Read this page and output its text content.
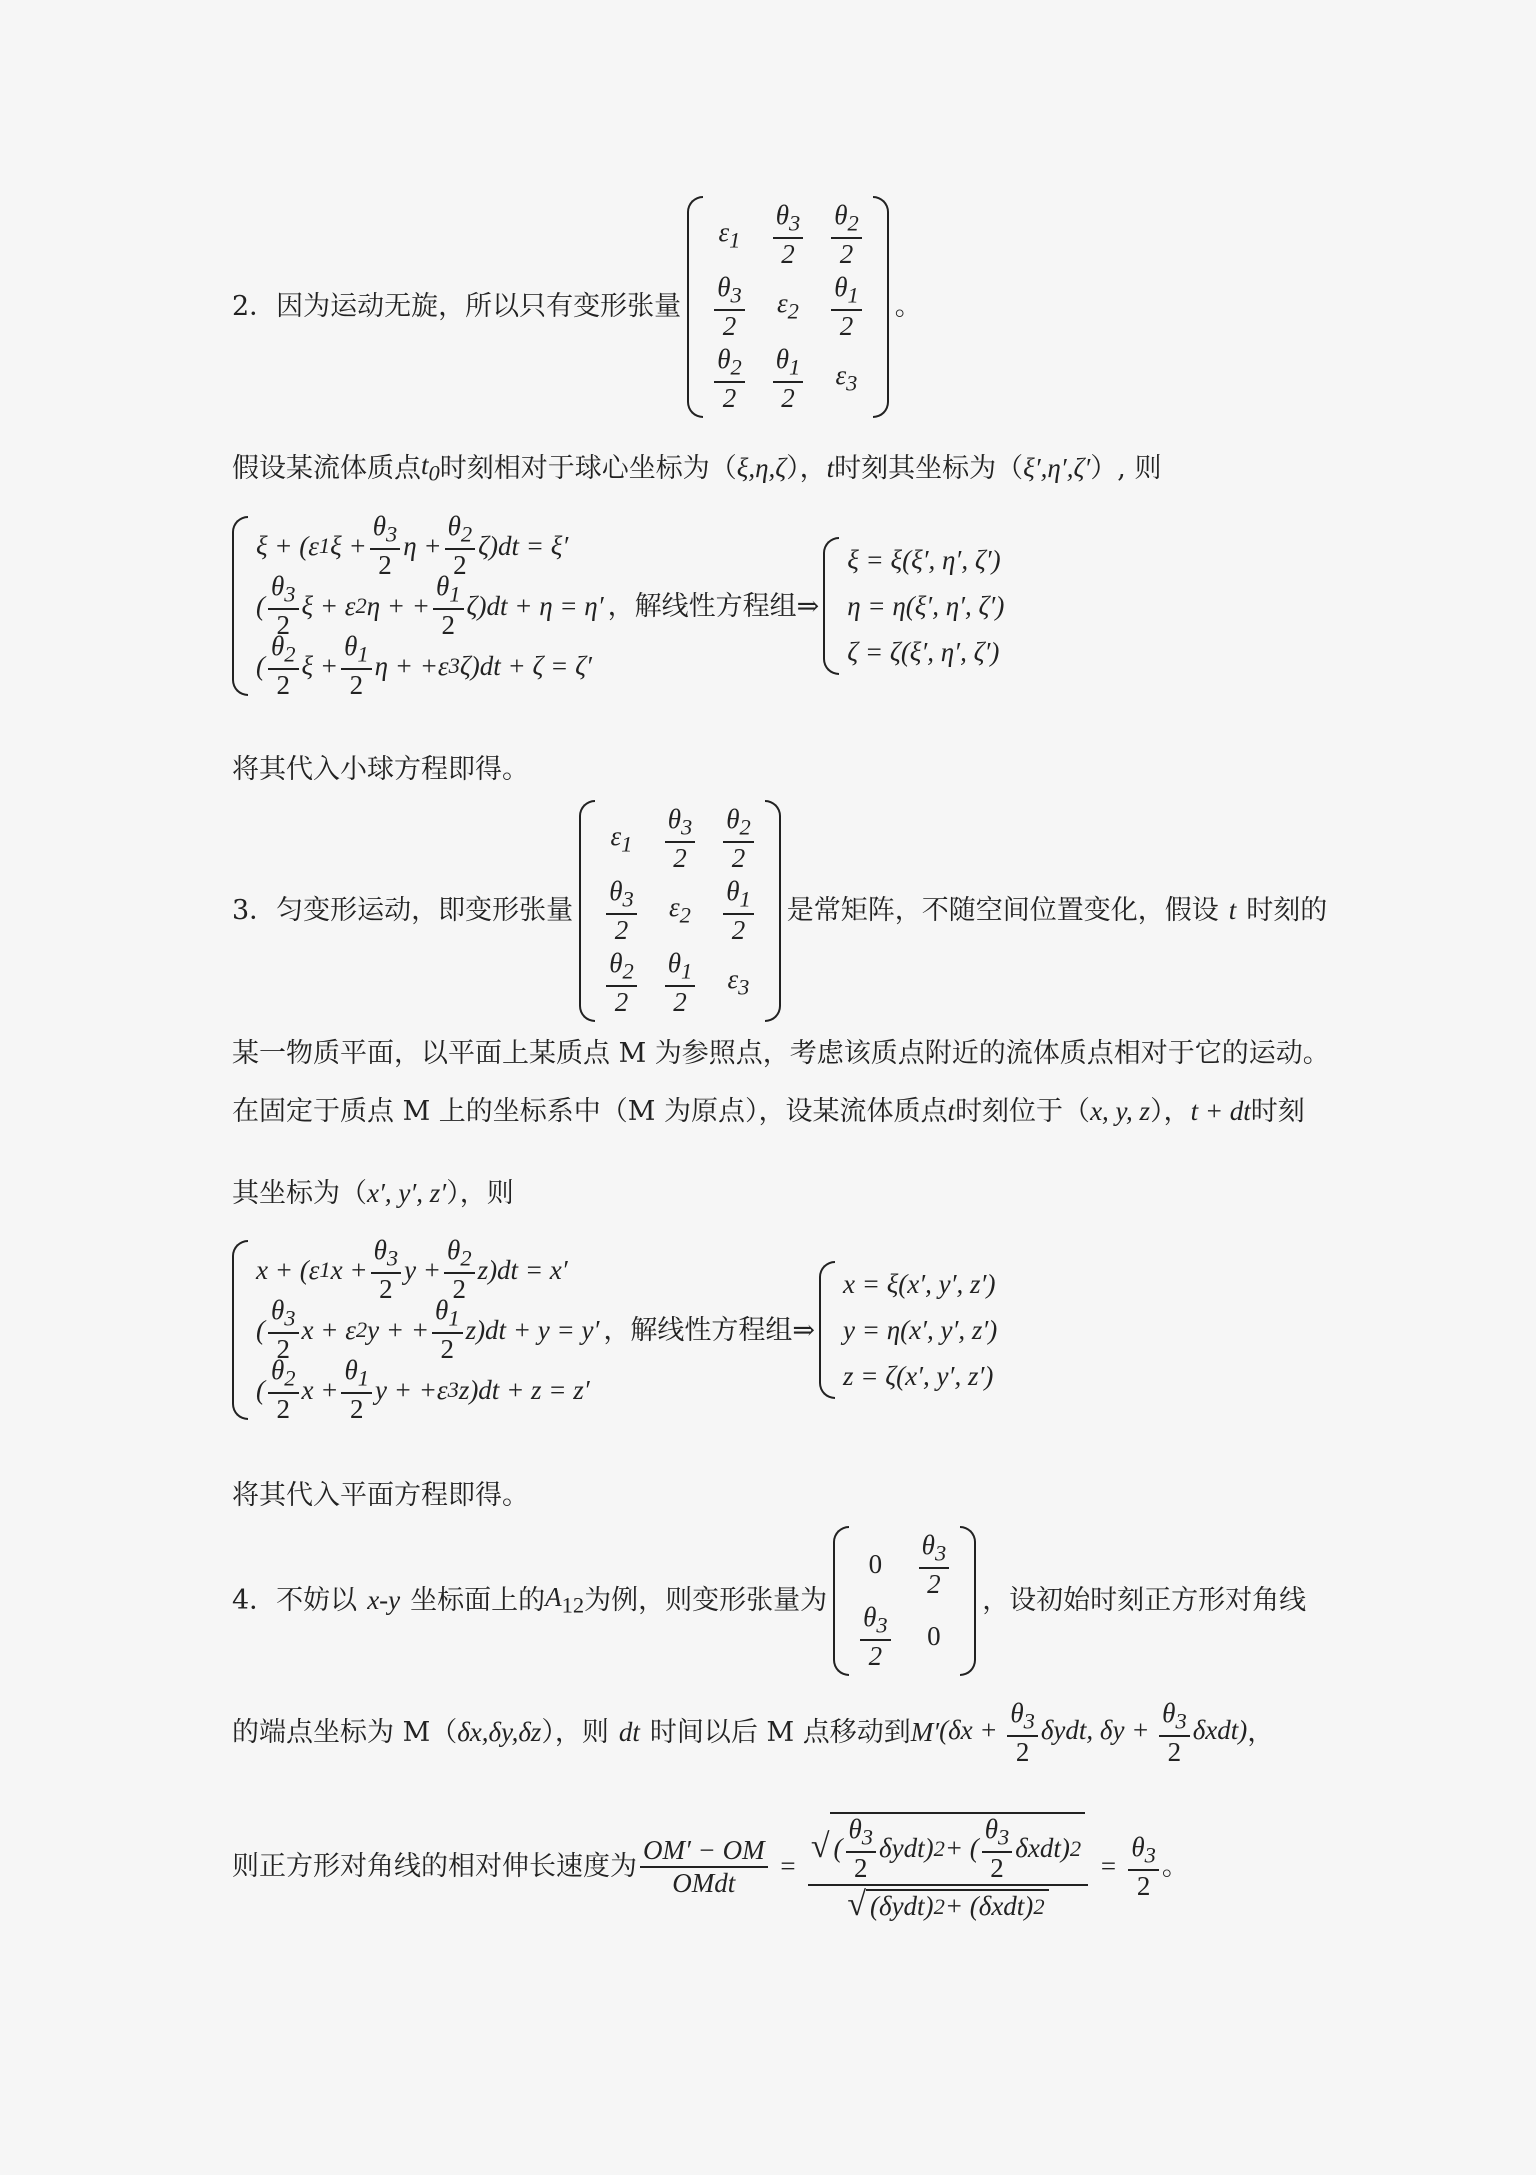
2．因为运动无旋，所以只有变形张量
$\varepsilon_1 \frac{\theta_3}{2} \frac{\theta_2}{2}$
$\frac{\theta_3}{2} \varepsilon_2 \frac{\theta_1}{2}$
$\frac{\theta_2}{2} \frac{\theta_1}{2} \varepsilon_3$
。
假设某流体质点 $t_0$ 时刻相对于球心坐标为（ ξ,η,ζ ）， t 时刻其坐标为（ ξ′,η′,ζ′ ）, 则
ξ + (ε 1 $\xi + \frac{\theta_3}{2}$ $\eta + \frac{\theta_2}{2} \zeta)dt = \xi'$
( $\frac{\theta_3}{2}$ ξ + ε 2 η + + $\frac{\theta_1}{2} \zeta)dt + \eta = \eta'$
( $\frac{\theta_2}{2}$ $\xi + \frac{\theta_1}{2}$ η + +ε 3 ζ)dt + ζ = ζ′
，解线性方程组⇒
ξ = ξ(ξ′, η′, ζ′)
η = η(ξ′, η′, ζ′)
ζ = ζ(ξ′, η′, ζ′)
将其代入小球方程即得。
3．匀变形运动，即变形张量
$\varepsilon_1 \frac{\theta_3}{2} \frac{\theta_2}{2}$
$\frac{\theta_3}{2} \varepsilon_2 \frac{\theta_1}{2}$
$\frac{\theta_2}{2} \frac{\theta_1}{2} \varepsilon_3$
是常矩阵，不随空间位置变化，假设 t 时刻的
某一物质平面，以平面上某质点 M 为参照点，考虑该质点附近的流体质点相对于它的运动。
在固定于质点 M 上的坐标系中（M 为原点），设某流体质点 t 时刻位于（ x, y, z ）， t + dt 时刻
其坐标为（ x′, y′, z′ ），则
x + (ε 1 $x + \frac{\theta_3}{2}$ $y + \frac{\theta_2}{2} z)dt = x'$
( $\frac{\theta_3}{2}$ x + ε 2 y + + $\frac{\theta_1}{2} z)dt + y = y'$
( $\frac{\theta_2}{2}$ $x + \frac{\theta_1}{2}$ y + +ε 3 z)dt + z = z′
，解线性方程组⇒
x = ξ(x′, y′, z′)
y = η(x′, y′, z′)
z = ζ(x′, y′, z′)
将其代入平面方程即得。
4．不妨以 x-y 坐标面上的 $A_{12}$ 为例，则变形张量为
$0 \frac{\theta_3}{2}$
$\frac{\theta_3}{2} 0$
，设初始时刻正方形对角线
的端点坐标为 M（ δx,δy,δz ），则 dt 时间以后 M 点移动到 M′ ($\delta x + \frac{\theta_3}{2} \delta ydt$, $\delta y + \frac{\theta_3}{2} \delta xdt$) ，
则正方形对角线的相对伸长速度为 $\frac{OM' - OM}{\text{OMdt}} = \frac{√ ( \frac{\theta_3}{2} \delta ydt) 2 + ( \frac{\theta_3}{2} \delta xdt) 2}{\text{√ (δydt) 2 + (δxdt) 2}} = \frac{\theta_3}{2}$ 。
